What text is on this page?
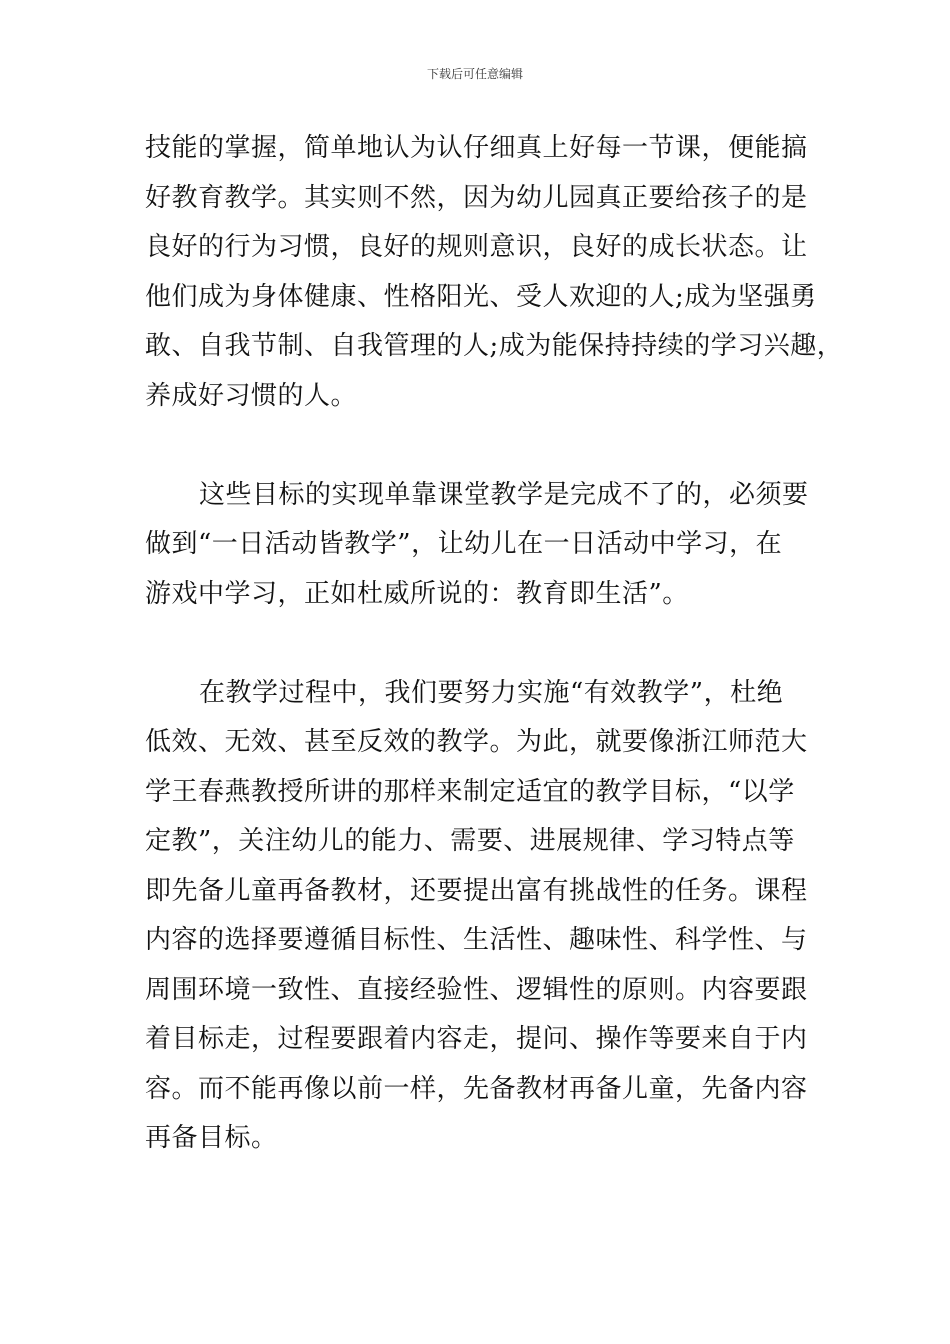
下载后可任意编辑

技能的掌握，简单地认为认仔细真上好每一节课，便能搞
好教育教学。其实则不然，因为幼儿园真正要给孩子的是
良好的行为习惯，良好的规则意识，良好的成长状态。让
他们成为身体健康、性格阳光、受人欢迎的人;成为坚强勇
敢、自我节制、自我管理的人;成为能保持持续的学习兴趣，
养成好习惯的人。

这些目标的实现单靠课堂教学是完成不了的，必须要
做到“一日活动皆教学”，让幼儿在一日活动中学习，在
游戏中学习，正如杜威所说的：教育即生活”。

在教学过程中，我们要努力实施“有效教学”，杜绝
低效、无效、甚至反效的教学。为此，就要像浙江师范大
学王春燕教授所讲的那样来制定适宜的教学目标，“以学
定教”，关注幼儿的能力、需要、进展规律、学习特点等
即先备儿童再备教材，还要提出富有挑战性的任务。课程
内容的选择要遵循目标性、生活性、趣味性、科学性、与
周围环境一致性、直接经验性、逻辑性的原则。内容要跟
着目标走，过程要跟着内容走，提问、操作等要来自于内
容。而不能再像以前一样，先备教材再备儿童，先备内容
再备目标。
